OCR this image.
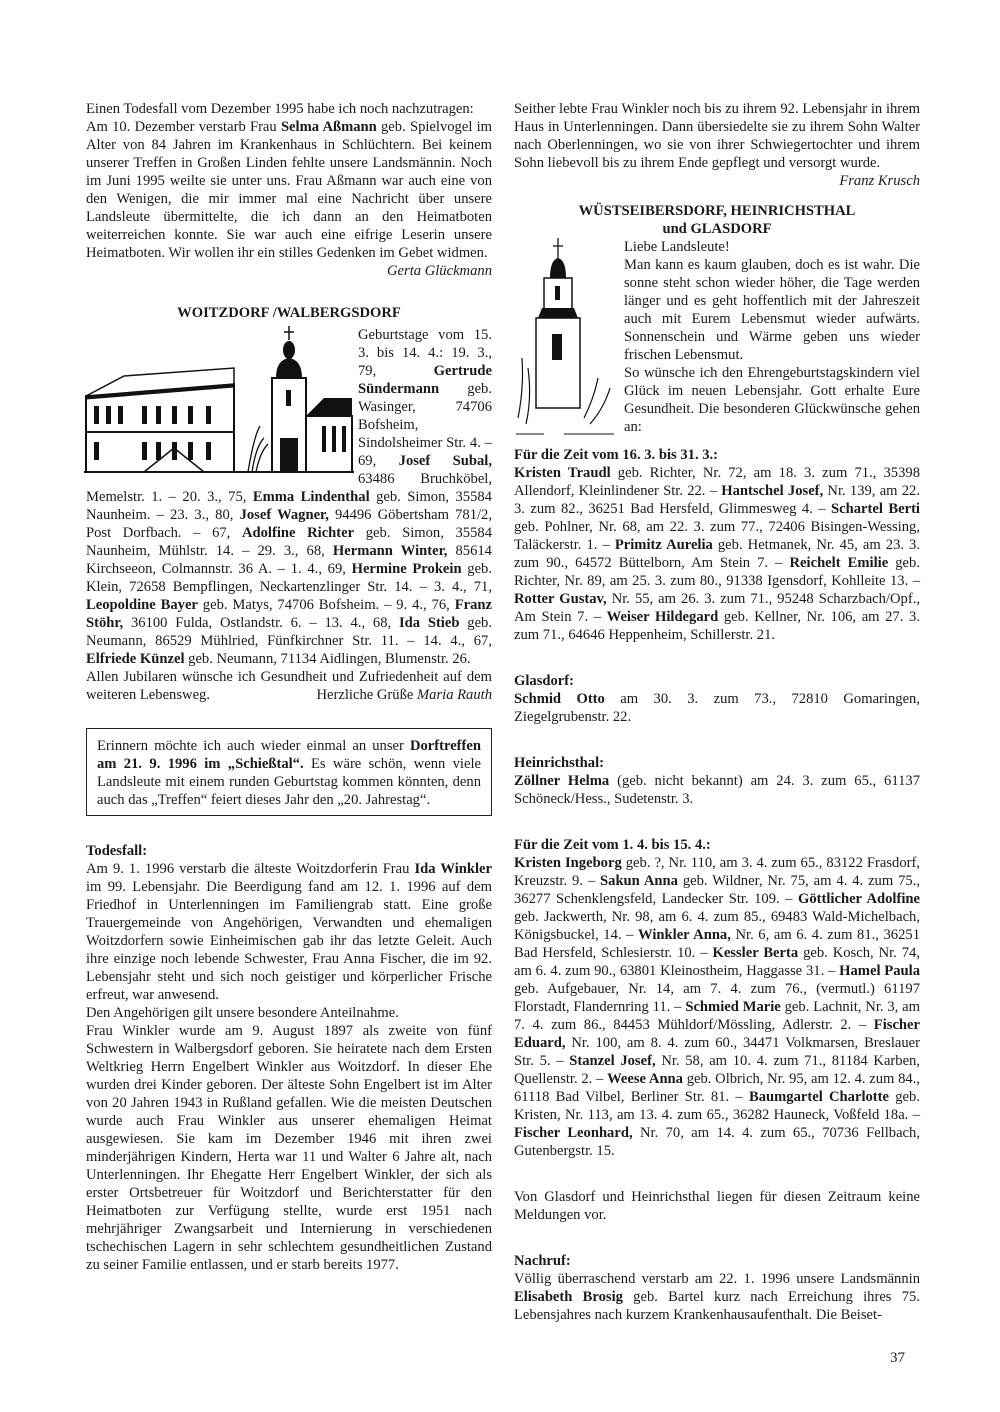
Einen Todesfall vom Dezember 1995 habe ich noch nachzutragen:
Am 10. Dezember verstarb Frau Selma Aßmann geb. Spielvogel im Alter von 84 Jahren im Krankenhaus in Schlüchtern. Bei keinem unserer Treffen in Großen Linden fehlte unsere Landsmännin. Noch im Juni 1995 weilte sie unter uns. Frau Aßmann war auch eine von den Wenigen, die mir immer mal eine Nachricht über unsere Landsleute übermittelte, die ich dann an den Heimatboten weiterreichen konnte. Sie war auch eine eifrige Leserin unsere Heimatboten. Wir wollen ihr ein stilles Gedenken im Gebet widmen.
Gerta Glückmann

WOITZDORF /WALBERGSDORF

Geburtstage vom 15. 3. bis 14. 4.: 19. 3., 79, Gertrude Sündermann geb. Wasinger, 74706 Bofsheim, Sindolsheimer Str. 4. – 69, Josef Subal, 63486 Bruchköbel, Memelstr. 1. – 20. 3., 75, Emma Lindenthal geb. Simon, 35584 Naunheim. – 23. 3., 80, Josef Wagner, 94496 Göbertsham 781/2, Post Dorfbach. – 67, Adolfine Richter geb. Simon, 35584 Naunheim, Mühlstr. 14. – 29. 3., 68, Hermann Winter, 85614 Kirchseeon, Colmannstr. 36 A. – 1. 4., 69, Hermine Prokein geb. Klein, 72658 Bempflingen, Neckartenzlinger Str. 14. – 3. 4., 71, Leopoldine Bayer geb. Matys, 74706 Bofsheim. – 9. 4., 76, Franz Stöhr, 36100 Fulda, Ostlandstr. 6. – 13. 4., 68, Ida Stieb geb. Neumann, 86529 Mühlried, Fünfkirchner Str. 11. – 14. 4., 67, Elfriede Künzel geb. Neumann, 71134 Aidlingen, Blumenstr. 26.

Allen Jubilaren wünsche ich Gesundheit und Zufriedenheit auf dem weiteren Lebensweg.	Herzliche Grüße Maria Rauth

Erinnern möchte ich auch wieder einmal an unser Dorftreffen am 21. 9. 1996 im „Schießtal“. Es wäre schön, wenn viele Landsleute mit einem runden Geburtstag kommen könnten, denn auch das „Treffen“ feiert dieses Jahr den „20. Jahrestag“.
Todesfall:

Am 9. 1. 1996 verstarb die älteste Woitzdorferin Frau Ida Winkler im 99. Lebensjahr. Die Beerdigung fand am 12. 1. 1996 auf dem Friedhof in Unterlenningen im Familiengrab statt. Eine große Trauergemeinde von Angehörigen, Verwandten und ehemaligen Woitzdorfern sowie Einheimischen gab ihr das letzte Geleit. Auch ihre einzige noch lebende Schwester, Frau Anna Fischer, die im 92. Lebensjahr steht und sich noch geistiger und körperlicher Frische erfreut, war anwesend.

Den Angehörigen gilt unsere besondere Anteilnahme.

Frau Winkler wurde am 9. August 1897 als zweite von fünf Schwestern in Walbergsdorf geboren. Sie heiratete nach dem Ersten Weltkrieg Herrn Engelbert Winkler aus Woitzdorf. In dieser Ehe wurden drei Kinder geboren. Der älteste Sohn Engelbert ist im Alter von 20 Jahren 1943 in Rußland gefallen. Wie die meisten Deutschen wurde auch Frau Winkler aus unserer ehemaligen Heimat ausgewiesen. Sie kam im Dezember 1946 mit ihren zwei minderjährigen Kindern, Herta war 11 und Walter 6 Jahre alt, nach Unterlenningen. Ihr Ehegatte Herr Engelbert Winkler, der sich als erster Ortsbetreuer für Woitzdorf und Berichterstatter für den Heimatboten zur Verfügung stellte, wurde erst 1951 nach mehrjähriger Zwangsarbeit und Internierung in verschiedenen tschechischen Lagern in sehr schlechtem gesundheitlichen Zustand zu seiner Familie entlassen, und er starb bereits 1977.

Seither lebte Frau Winkler noch bis zu ihrem 92. Lebensjahr in ihrem Haus in Unterlenningen. Dann übersiedelte sie zu ihrem Sohn Walter nach Oberlenningen, wo sie von ihrer Schwiegertochter und ihrem Sohn liebevoll bis zu ihrem Ende gepflegt und versorgt wurde.
Franz Krusch

WÜSTSEIBERSDORF, HEINRICHSTHAL
und GLASDORF
Liebe Landsleute!
Man kann es kaum glauben, doch es ist wahr. Die sonne steht schon wieder höher, die Tage werden länger und es geht hoffentlich mit der Jahreszeit auch mit Eurem Lebensmut wieder aufwärts. Sonnenschein und Wärme geben uns wieder frischen Lebensmut.
So wünsche ich den Ehrengeburtstagskindern viel Glück im neuen Lebensjahr. Gott erhalte Eure Gesundheit. Die besonderen Glückwünsche gehen an:
Für die Zeit vom 16. 3. bis 31. 3.:

Kristen Traudl geb. Richter, Nr. 72, am 18. 3. zum 71., 35398 Allendorf, Kleinlindener Str. 22. – Hantschel Josef, Nr. 139, am 22. 3. zum 82., 36251 Bad Hersfeld, Glimmesweg 4. – Schartel Berti geb. Pohlner, Nr. 68, am 22. 3. zum 77., 72406 Bisingen-Wessing, Taläckerstr. 1. – Primitz Aurelia geb. Hetmanek, Nr. 45, am 23. 3. zum 90., 64572 Büttelborn, Am Stein 7. – Reichelt Emilie geb. Richter, Nr. 89, am 25. 3. zum 80., 91338 Igensdorf, Kohlleite 13. – Rotter Gustav, Nr. 55, am 26. 3. zum 71., 95248 Scharzbach/Opf., Am Stein 7. – Weiser Hildegard geb. Kellner, Nr. 106, am 27. 3. zum 71., 64646 Heppenheim, Schillerstr. 21.

Glasdorf:

Schmid Otto am 30. 3. zum 73., 72810 Gomaringen, Ziegelgrubenstr. 22.

Heinrichsthal:

Zöllner Helma (geb. nicht bekannt) am 24. 3. zum 65., 61137 Schöneck/Hess., Sudetenstr. 3.

Für die Zeit vom 1. 4. bis 15. 4.:

Kristen Ingeborg geb. ?, Nr. 110, am 3. 4. zum 65., 83122 Frasdorf, Kreuzstr. 9. – Sakun Anna geb. Wildner, Nr. 75, am 4. 4. zum 75., 36277 Schenklengsfeld, Landecker Str. 109. – Göttlicher Adolfine geb. Jackwerth, Nr. 98, am 6. 4. zum 85., 69483 Wald-Michelbach, Königsbuckel, 14. – Winkler Anna, Nr. 6, am 6. 4. zum 81., 36251 Bad Hersfeld, Schlesierstr. 10. – Kessler Berta geb. Kosch, Nr. 74, am 6. 4. zum 90., 63801 Kleinostheim, Haggasse 31. – Hamel Paula geb. Aufgebauer, Nr. 14, am 7. 4. zum 76., (vermutl.) 61197 Florstadt, Flandernring 11. – Schmied Marie geb. Lachnit, Nr. 3, am 7. 4. zum 86., 84453 Mühldorf/Mössling, Adlerstr. 2. – Fischer Eduard, Nr. 100, am 8. 4. zum 60., 34471 Volkmarsen, Breslauer Str. 5. – Stanzel Josef, Nr. 58, am 10. 4. zum 71., 81184 Karben, Quellenstr. 2. – Weese Anna geb. Olbrich, Nr. 95, am 12. 4. zum 84., 61118 Bad Vilbel, Berliner Str. 81. – Baumgartel Charlotte geb. Kristen, Nr. 113, am 13. 4. zum 65., 36282 Hauneck, Voßfeld 18a. – Fischer Leonhard, Nr. 70, am 14. 4. zum 65., 70736 Fellbach, Gutenbergstr. 15.

Von Glasdorf und Heinrichsthal liegen für diesen Zeitraum keine Meldungen vor.

Nachruf:

Völlig überraschend verstarb am 22. 1. 1996 unsere Landsmännin Elisabeth Brosig geb. Bartel kurz nach Erreichung ihres 75. Lebensjahres nach kurzem Krankenhausaufenthalt. Die Beiset-

37
